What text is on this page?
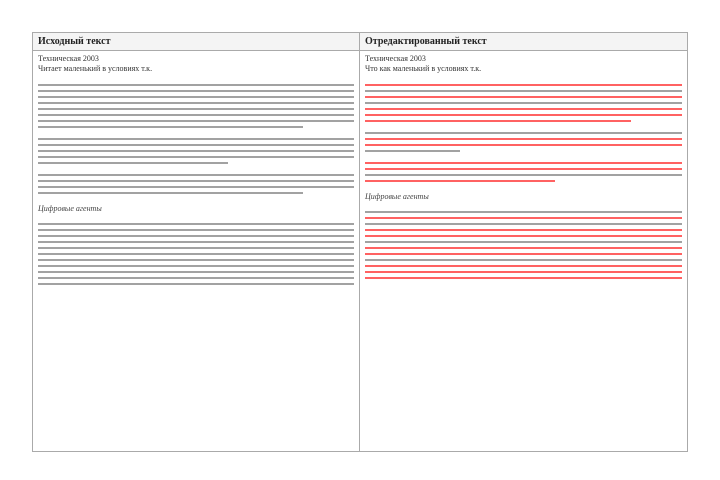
Исходный текст
Техническая 2003
Читает маленький в условиях т.к.
Цифровые агенты
Отредактированный текст
Техническая 2003
Что как маленький в условиях т.к.
Цифровые агенты
